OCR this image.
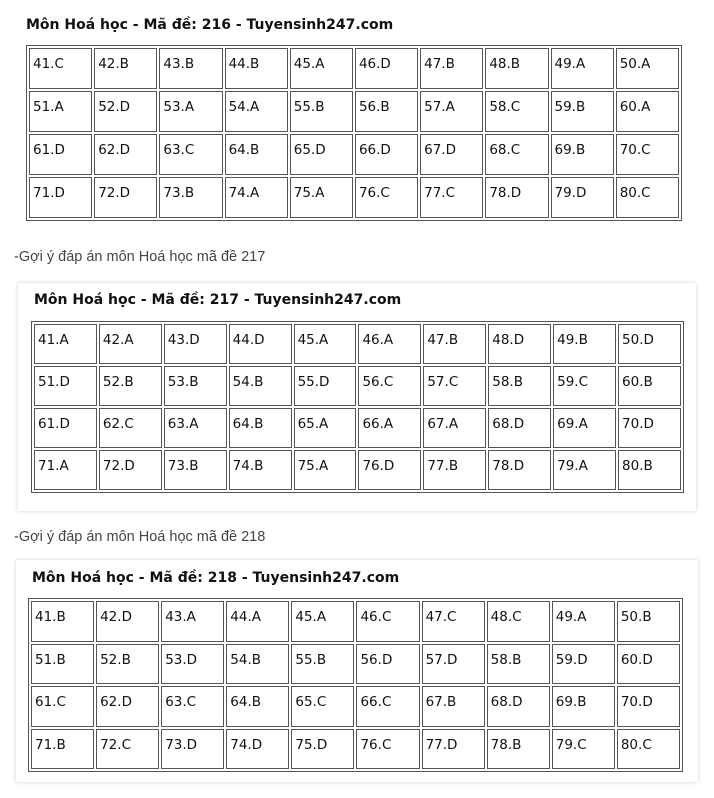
Môn Hoá học - Mã đề: 216 - Tuyensinh247.com
41.C	42.B	43.B	44.B	45.A	46.D	47.B	48.B	49.A	50.A
51.A	52.D	53.A	54.A	55.B	56.B	57.A	58.C	59.B	60.A
61.D	62.D	63.C	64.B	65.D	66.D	67.D	68.C	69.B	70.C
71.D	72.D	73.B	74.A	75.A	76.C	77.C	78.D	79.D	80.C
-Gợi ý đáp án môn Hoá học mã đề 217
Môn Hoá học - Mã đề: 217 - Tuyensinh247.com
41.A	42.A	43.D	44.D	45.A	46.A	47.B	48.D	49.B	50.D
51.D	52.B	53.B	54.B	55.D	56.C	57.C	58.B	59.C	60.B
61.D	62.C	63.A	64.B	65.A	66.A	67.A	68.D	69.A	70.D
71.A	72.D	73.B	74.B	75.A	76.D	77.B	78.D	79.A	80.B
-Gợi ý đáp án môn Hoá học mã đề 218
Môn Hoá học - Mã đề: 218 - Tuyensinh247.com
41.B	42.D	43.A	44.A	45.A	46.C	47.C	48.C	49.A	50.B
51.B	52.B	53.D	54.B	55.B	56.D	57.D	58.B	59.D	60.D
61.C	62.D	63.C	64.B	65.C	66.C	67.B	68.D	69.B	70.D
71.B	72.C	73.D	74.D	75.D	76.C	77.D	78.B	79.C	80.C
